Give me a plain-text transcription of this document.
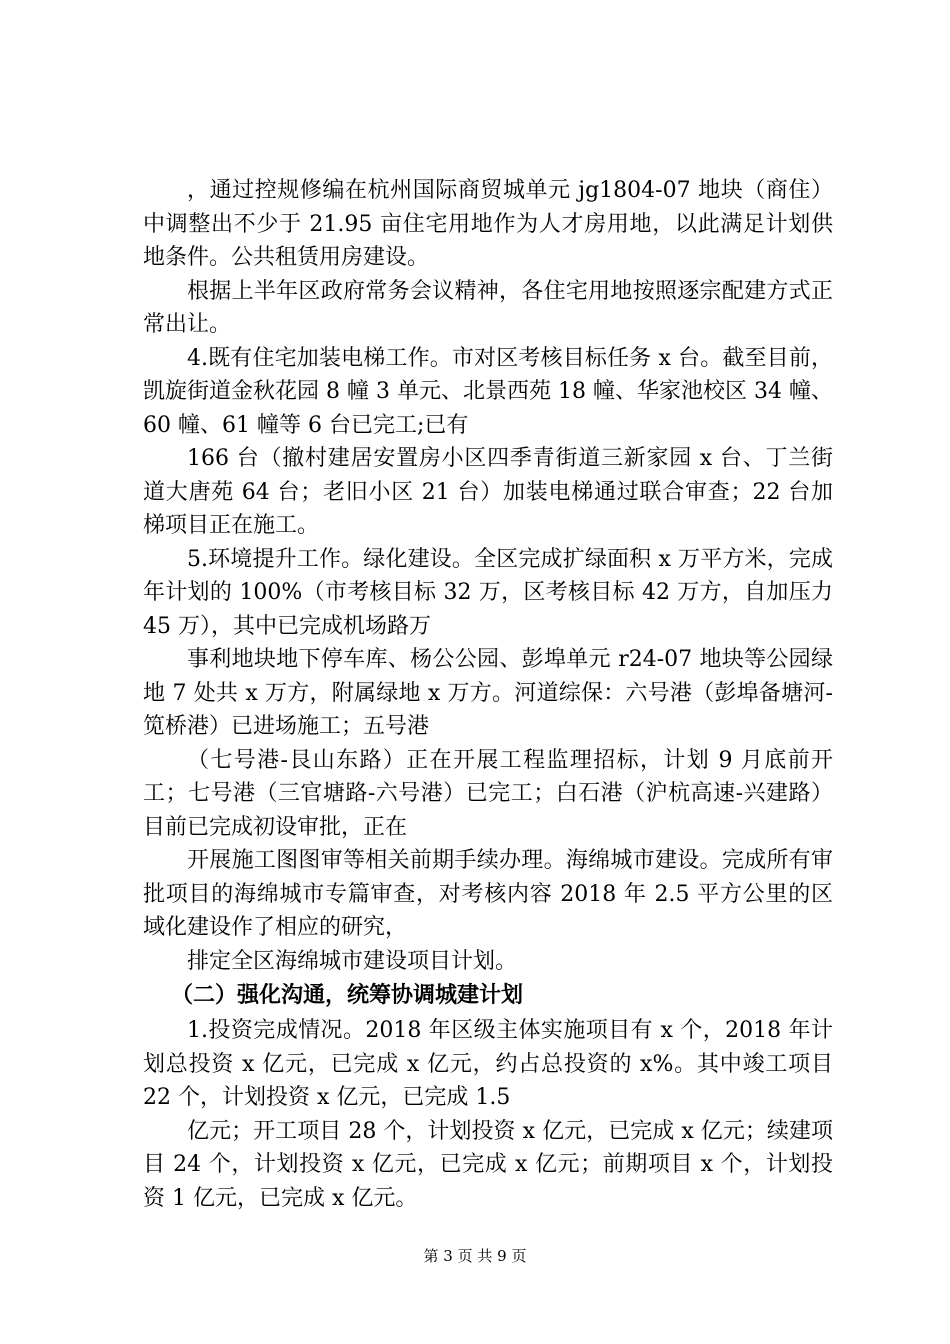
，通过控规修编在杭州国际商贸城单元 jg1804-07 地块（商住）中调整出不少于 21.95 亩住宅用地作为人才房用地，以此满足计划供地条件。公共租赁用房建设。

根据上半年区政府常务会议精神，各住宅用地按照逐宗配建方式正常出让。

4.既有住宅加装电梯工作。市对区考核目标任务 x 台。截至目前，凯旋街道金秋花园 8 幢 3 单元、北景西苑 18 幢、华家池校区 34 幢、60 幢、61 幢等 6 台已完工;已有

166 台（撤村建居安置房小区四季青街道三新家园 x 台、丁兰街道大唐苑 64 台；老旧小区 21 台）加装电梯通过联合审查；22 台加梯项目正在施工。

5.环境提升工作。绿化建设。全区完成扩绿面积 x 万平方米，完成年计划的 100%（市考核目标 32 万，区考核目标 42 万方，自加压力 45 万），其中已完成机场路万

事利地块地下停车库、杨公公园、彭埠单元 r24-07 地块等公园绿地 7 处共 x 万方，附属绿地 x 万方。河道综保：六号港（彭埠备塘河-笕桥港）已进场施工；五号港

（七号港-艮山东路）正在开展工程监理招标，计划 9 月底前开工；七号港（三官塘路-六号港）已完工；白石港（沪杭高速-兴建路）目前已完成初设审批，正在

开展施工图图审等相关前期手续办理。海绵城市建设。完成所有审批项目的海绵城市专篇审查，对考核内容 2018 年 2.5 平方公里的区域化建设作了相应的研究，

排定全区海绵城市建设项目计划。

（二）强化沟通，统筹协调城建计划

1.投资完成情况。2018 年区级主体实施项目有 x 个，2018 年计划总投资 x 亿元，已完成 x 亿元，约占总投资的 x%。其中竣工项目 22 个，计划投资 x 亿元，已完成 1.5

亿元；开工项目 28 个，计划投资 x 亿元，已完成 x 亿元；续建项目 24 个，计划投资 x 亿元，已完成 x 亿元；前期项目 x 个，计划投资 1 亿元，已完成 x 亿元。

第 3 页 共 9 页
